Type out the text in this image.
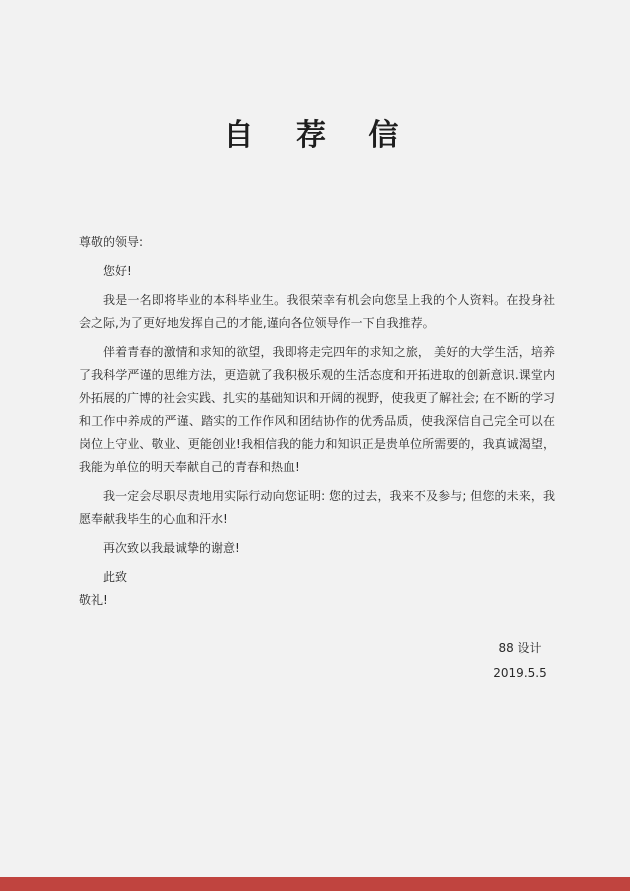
自 荐 信

尊敬的领导:

您好!

我是一名即将毕业的本科毕业生。我很荣幸有机会向您呈上我的个人资料。在投身社会之际,为了更好地发挥自己的才能,谨向各位领导作一下自我推荐。

伴着青春的激情和求知的欲望，我即将走完四年的求知之旅， 美好的大学生活，培养了我科学严谨的思维方法，更造就了我积极乐观的生活态度和开拓进取的创新意识.课堂内外拓展的广博的社会实践、扎实的基础知识和开阔的视野，使我更了解社会; 在不断的学习和工作中养成的严谨、踏实的工作作风和团结协作的优秀品质，使我深信自己完全可以在岗位上守业、敬业、更能创业!我相信我的能力和知识正是贵单位所需要的，我真诚渴望，我能为单位的明天奉献自己的青春和热血!

我一定会尽职尽责地用实际行动向您证明: 您的过去，我来不及参与; 但您的未来，我愿奉献我毕生的心血和汗水!

再次致以我最诚挚的谢意!

此致

敬礼!

88 设计
2019.5.5
